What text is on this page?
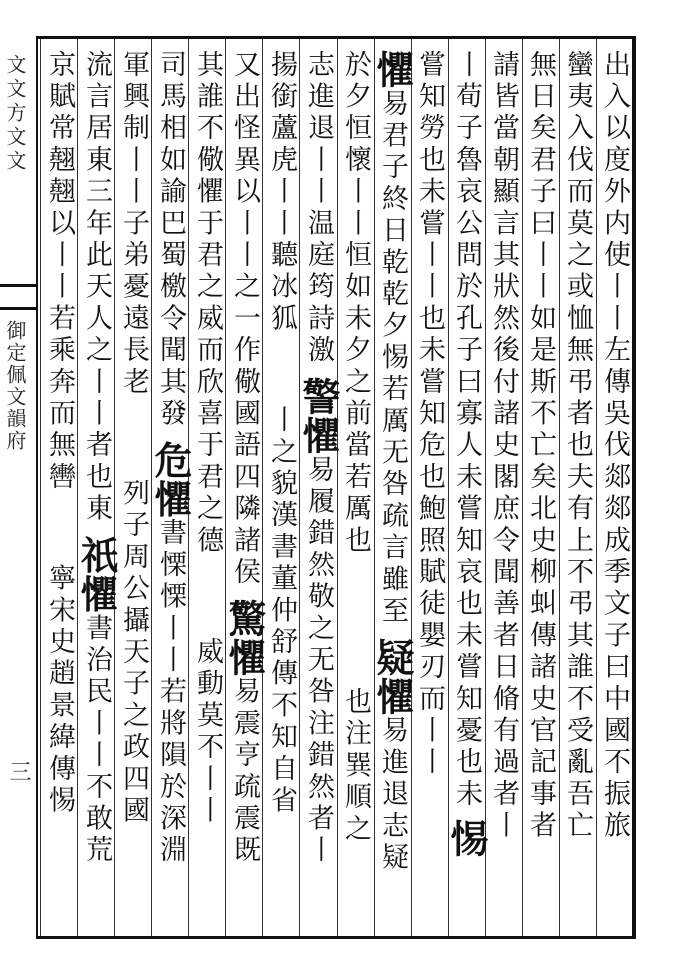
文文方文文
御定佩文韻府
三	出入以度外内使丨丨左傳吳伐郯郯成季文子曰中國不振旅
蠻夷入伐而莫之或恤無弔者也夫有上不弔其誰不受亂吾亡
無日矣君子曰丨丨如是斯不亡矣北史柳虯傳諸史官記事者
請皆當朝顯言其狀然後付諸史閣庶令聞善者日脩有過者丨
丨荀子魯哀公問於孔子曰寡人未嘗知哀也未嘗知憂也未惕
嘗知勞也未嘗丨丨也未嘗知危也鮑照賦徒嬰刃而丨丨
懼易君子終日乾乾夕惕若厲无咎疏言雖至疑懼易進退志疑
於夕恒懷丨丨恒如未夕之前當若厲也也注巽順之
志進退丨丨温庭筠詩激警懼易履錯然敬之无咎注錯然者丨
揚銜蘆虎丨丨聽冰狐丨之貌漢書董仲舒傳不知自省
又出怪異以丨丨之一作儆國語四隣諸侯驚懼易震亨疏震既
其誰不儆懼于君之威而欣喜于君之德威動莫不丨丨
司馬相如諭巴蜀檄令聞其發危懼書慄慄丨丨若將隕於深淵
軍興制丨丨子弟憂遠長老列子周公攝天子之政四國
流言居東三年此天人之丨丨者也東祇懼書治民丨丨不敢荒
京賦常翹翹以丨丨若乘奔而無轡寧宋史趙景緯傳惕
